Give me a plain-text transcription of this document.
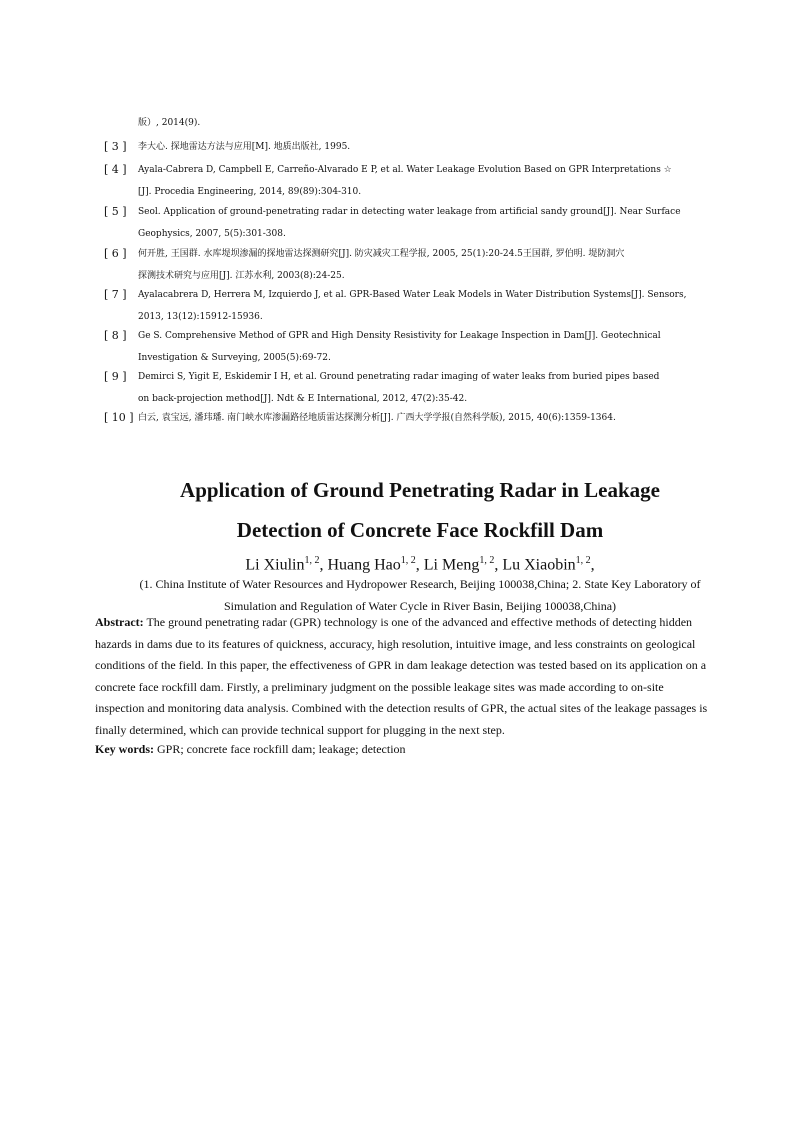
版）, 2014(9).
[ 3 ] 李大心. 探地雷达方法与应用[M]. 地质出版社, 1995.
[ 4 ] Ayala-Cabrera D, Campbell E, Carreño-Alvarado E P, et al. Water Leakage Evolution Based on GPR Interpretations ☆
[J]. Procedia Engineering, 2014, 89(89):304-310.
[ 5 ] Seol. Application of ground-penetrating radar in detecting water leakage from artificial sandy ground[J]. Near Surface
Geophysics, 2007, 5(5):301-308.
[ 6 ] 何开胜, 王国群. 水库堤坝渗漏的探地雷达探测研究[J]. 防灾减灾工程学报, 2005, 25(1):20-24.5王国群, 罗伯明. 堤防洞穴
探测技术研究与应用[J]. 江苏水利, 2003(8):24-25.
[ 7 ] Ayalacabrera D, Herrera M, Izquierdo J, et al. GPR-Based Water Leak Models in Water Distribution Systems[J]. Sensors,
2013, 13(12):15912-15936.
[ 8 ] Ge S. Comprehensive Method of GPR and High Density Resistivity for Leakage Inspection in Dam[J]. Geotechnical
Investigation & Surveying, 2005(5):69-72.
[ 9 ] Demirci S, Yigit E, Eskidemir I H, et al. Ground penetrating radar imaging of water leaks from buried pipes based
on back-projection method[J]. Ndt & E International, 2012, 47(2):35-42.
[ 10 ] 白云, 袁宝远, 潘玮璠. 南门峡水库渗漏路径地质雷达探测分析[J]. 广西大学学报(自然科学版), 2015, 40(6):1359-1364.
Application of Ground Penetrating Radar in Leakage
Detection of Concrete Face Rockfill Dam
Li Xiulin$^{1, 2}$, Huang Hao$^{1, 2}$, Li Meng$^{1, 2}$, Lu Xiaobin$^{1, 2}$,
(1. China Institute of Water Resources and Hydropower Research, Beijing 100038,China; 2. State Key Laboratory of
Simulation and Regulation of Water Cycle in River Basin, Beijing 100038,China)
Abstract: The ground penetrating radar (GPR) technology is one of the advanced and effective methods of detecting hidden
hazards in dams due to its features of quickness, accuracy, high resolution, intuitive image, and less constraints on geological
conditions of the field. In this paper, the effectiveness of GPR in dam leakage detection was tested based on its application on a
concrete face rockfill dam. Firstly, a preliminary judgment on the possible leakage sites was made according to on-site
inspection and monitoring data analysis. Combined with the detection results of GPR, the actual sites of the leakage passages is
finally determined, which can provide technical support for plugging in the next step.
Key words: GPR; concrete face rockfill dam; leakage; detection
